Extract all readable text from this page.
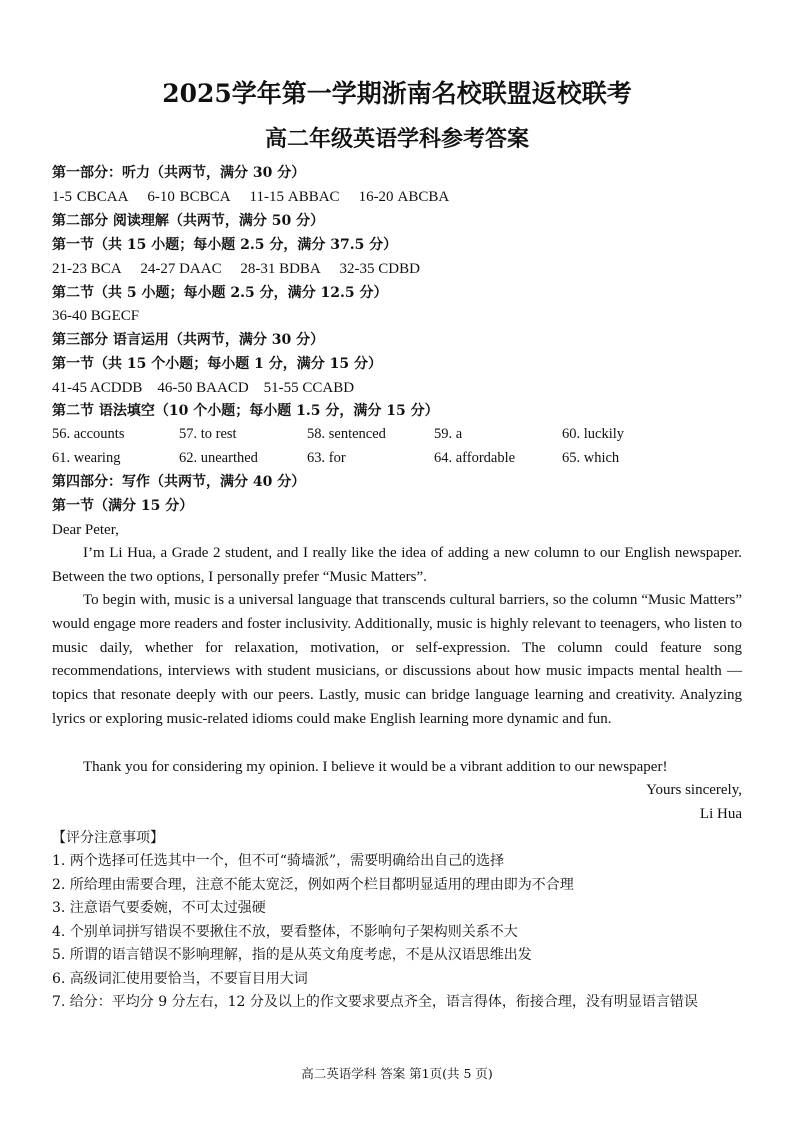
2025学年第一学期浙南名校联盟返校联考
高二年级英语学科参考答案
第一部分：听力（共两节，满分 30 分）
1-5 CBCAA    6-10 BCBCA    11-15 ABBAC    16-20 ABCBA
第二部分 阅读理解（共两节，满分 50 分）
第一节（共 15 小题；每小题 2.5 分，满分 37.5 分）
21-23 BCA     24-27 DAAC     28-31 BDBA     32-35 CDBD
第二节（共 5 小题；每小题 2.5 分，满分 12.5 分）
36-40 BGECF
第三部分 语言运用（共两节，满分 30 分）
第一节（共 15 个小题；每小题 1 分，满分 15 分）
41-45 ACDDB    46-50 BAACD    51-55 CCABD
第二节 语法填空（10 个小题；每小题 1.5 分，满分 15 分）
56. accounts	57. to rest	58. sentenced	59. a	60. luckily
61. wearing	62. unearthed	63. for	64. affordable	65. which
第四部分：写作（共两节，满分 40 分）
第一节（满分 15 分）
Dear Peter,

I’m Li Hua, a Grade 2 student, and I really like the idea of adding a new column to our English newspaper. Between the two options, I personally prefer “Music Matters”.

To begin with, music is a universal language that transcends cultural barriers, so the column “Music Matters” would engage more readers and foster inclusivity. Additionally, music is highly relevant to teenagers, who listen to music daily, whether for relaxation, motivation, or self-expression. The column could feature song recommendations, interviews with student musicians, or discussions about how music impacts mental health — topics that resonate deeply with our peers. Lastly, music can bridge language learning and creativity. Analyzing lyrics or exploring music-related idioms could make English learning more dynamic and fun.

Thank you for considering my opinion. I believe it would be a vibrant addition to our newspaper!

Yours sincerely,
Li Hua
【评分注意事项】
1. 两个选择可任选其中一个，但不可“骑墙派”，需要明确给出自己的选择
2. 所给理由需要合理，注意不能太宽泛，例如两个栏目都明显适用的理由即为不合理
3. 注意语气要委婉，不可太过强硬
4. 个别单词拼写错误不要揪住不放，要看整体，不影响句子架构则关系不大
5. 所谓的语言错误不影响理解，指的是从英文角度考虑，不是从汉语思维出发
6. 高级词汇使用要恰当，不要盲目用大词
7. 给分：平均分 9 分左右，12 分及以上的作文要求要点齐全，语言得体，衔接合理，没有明显语言错误
高二英语学科 答案 第1页(共 5 页)
